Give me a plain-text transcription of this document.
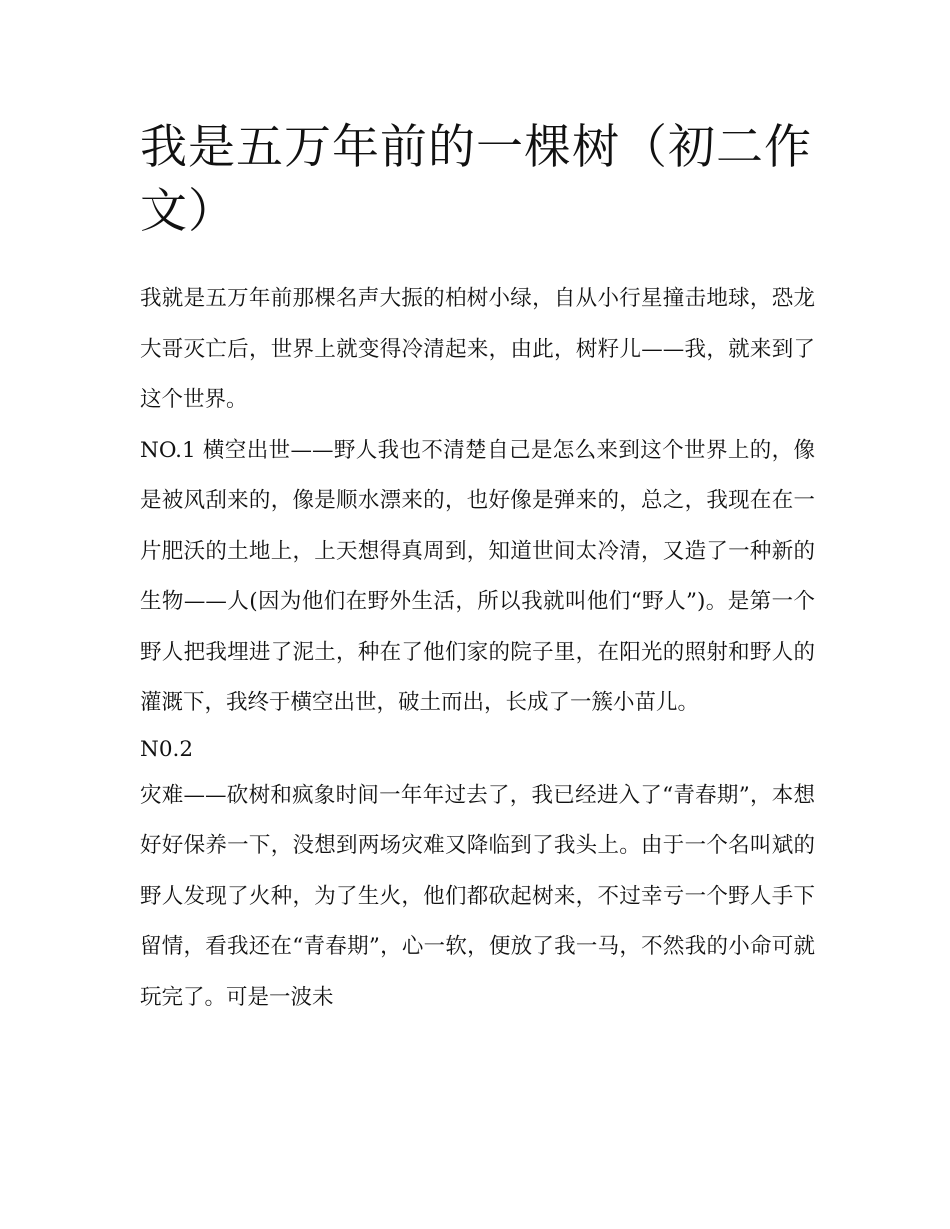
我是五万年前的一棵树（初二作文）

我就是五万年前那棵名声大振的柏树小绿，自从小行星撞击地球，恐龙大哥灭亡后，世界上就变得冷清起来，由此，树籽儿——我，就来到了这个世界。

NO.1 横空出世——野人我也不清楚自己是怎么来到这个世界上的，像是被风刮来的，像是顺水漂来的，也好像是弹来的，总之，我现在在一片肥沃的土地上，上天想得真周到，知道世间太冷清，又造了一种新的生物——人(因为他们在野外生活，所以我就叫他们“野人”)。是第一个野人把我埋进了泥土，种在了他们家的院子里，在阳光的照射和野人的灌溉下，我终于横空出世，破土而出，长成了一簇小苗儿。

N0.2

灾难——砍树和疯象时间一年年过去了，我已经进入了“青春期”，本想好好保养一下，没想到两场灾难又降临到了我头上。由于一个名叫斌的野人发现了火种，为了生火，他们都砍起树来，不过幸亏一个野人手下留情，看我还在“青春期”，心一软，便放了我一马，不然我的小命可就玩完了。可是一波未
